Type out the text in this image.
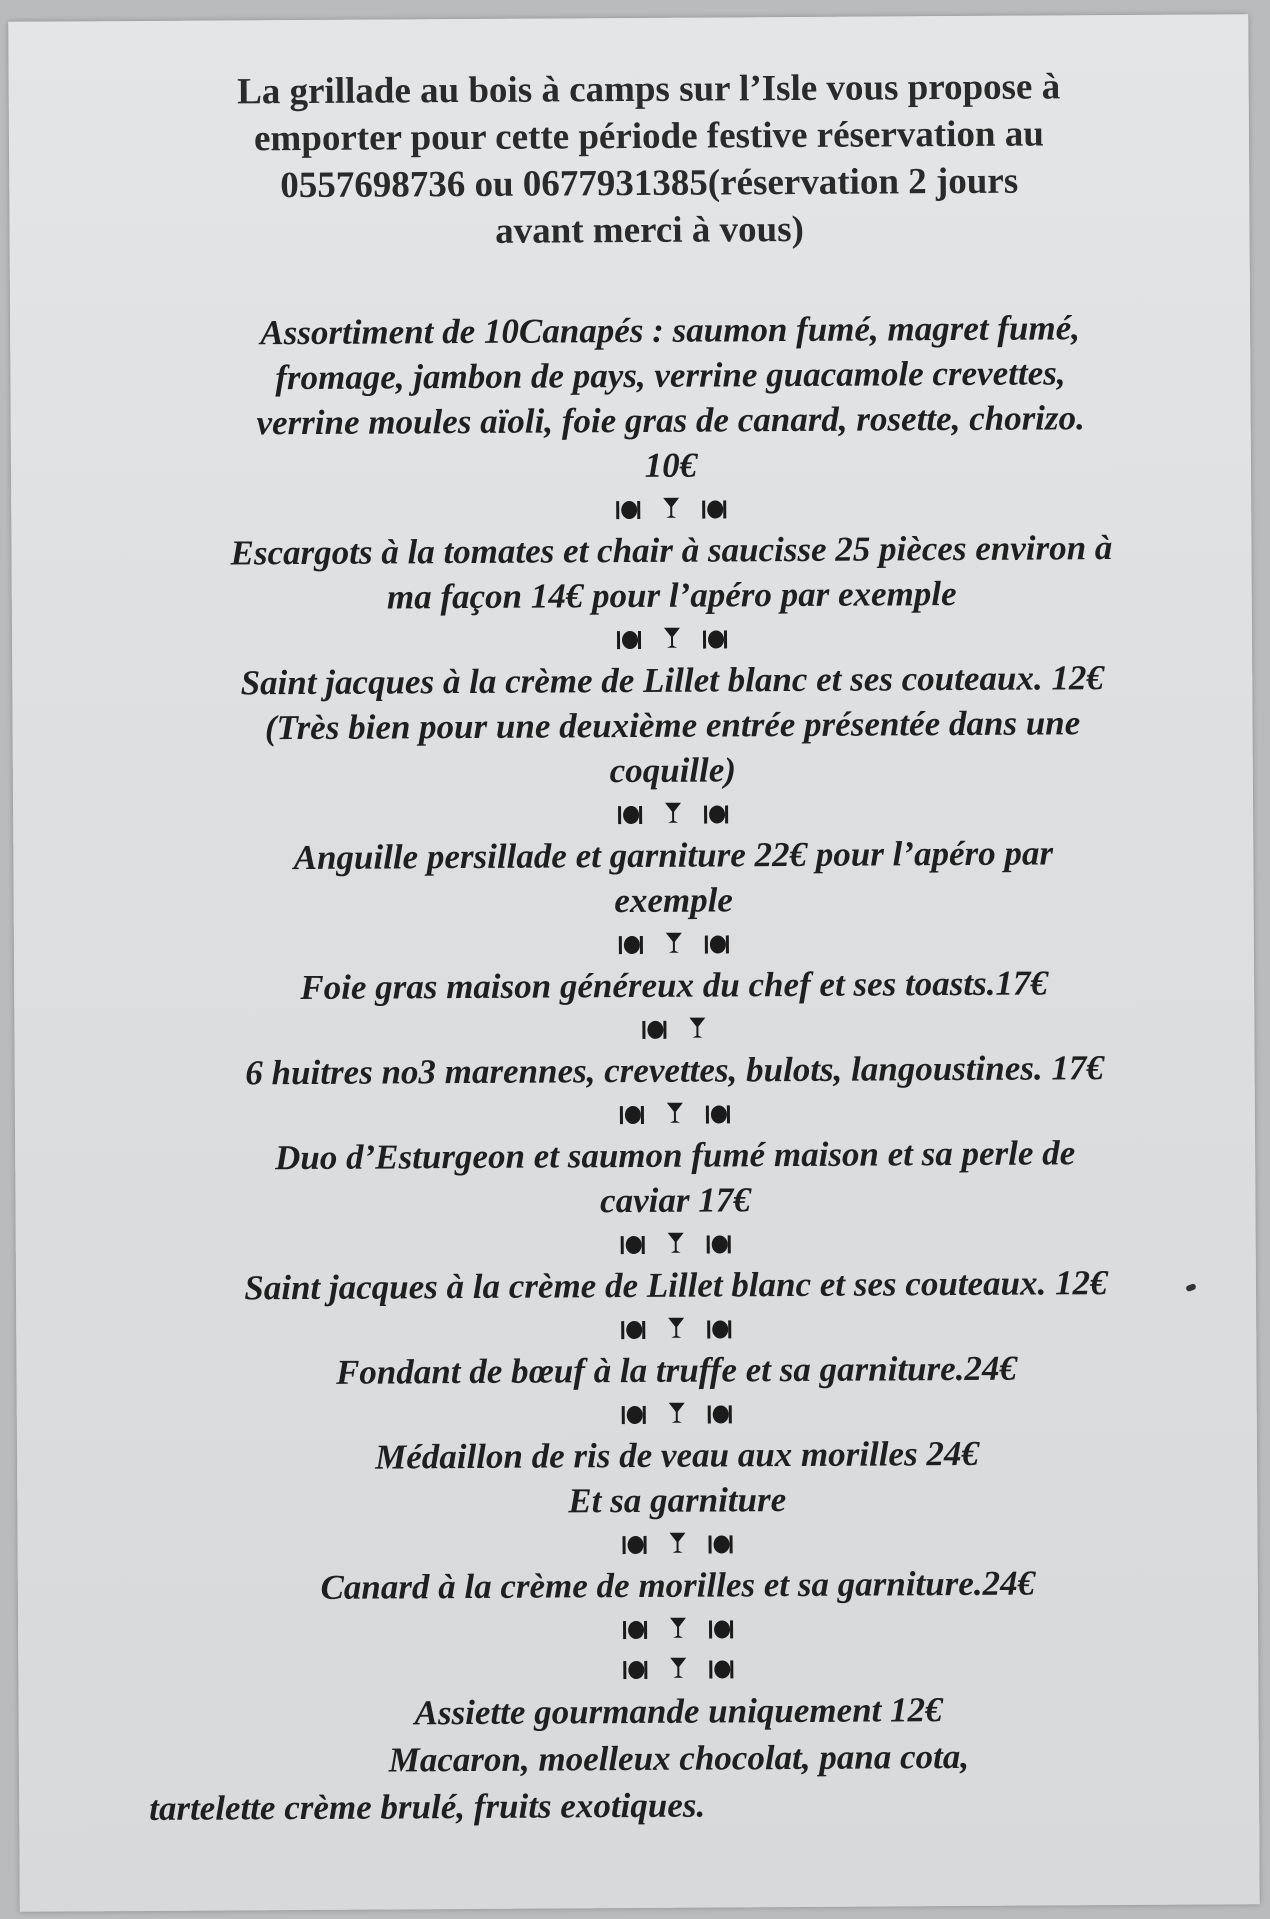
La grillade au bois à camps sur l’Isle vous propose à
emporter pour cette période festive réservation au
0557698736 ou 0677931385(réservation 2 jours
avant merci à vous)

Assortiment de 10Canapés : saumon fumé, magret fumé,

fromage, jambon de pays, verrine guacamole crevettes,

verrine moules aïoli, foie gras de canard, rosette, chorizo.

10€

Escargots à la tomates et chair à saucisse 25 pièces environ à

ma façon 14€ pour l’apéro par exemple

Saint jacques à la crème de Lillet blanc et ses couteaux. 12€

(Très bien pour une deuxième entrée présentée dans une

coquille)

Anguille persillade et garniture 22€ pour l’apéro par

exemple

Foie gras maison généreux du chef et ses toasts.17€

6 huitres no3 marennes, crevettes, bulots, langoustines. 17€

Duo d’Esturgeon et saumon fumé maison et sa perle de

caviar 17€

Saint jacques à la crème de Lillet blanc et ses couteaux. 12€

Fondant de bœuf à la truffe et sa garniture.24€

Médaillon de ris de veau aux morilles 24€

Et sa garniture

Canard à la crème de morilles et sa garniture.24€

Assiette gourmande uniquement 12€

Macaron, moelleux chocolat, pana cota,

tartelette crème brulé, fruits exotiques.
